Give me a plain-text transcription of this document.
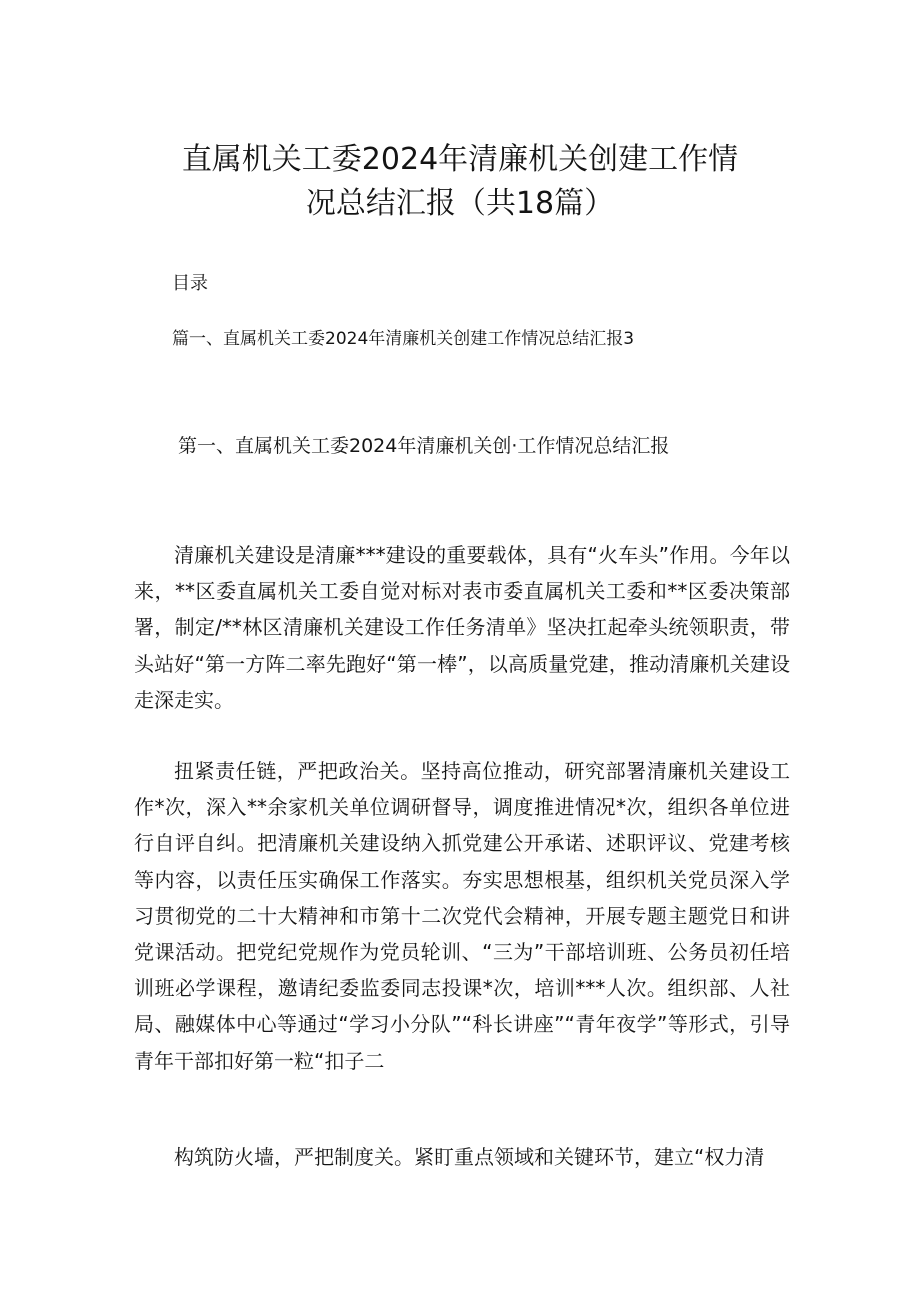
直属机关工委2024年清廉机关创建工作情
况总结汇报（共18篇）

目录

篇一、直属机关工委2024年清廉机关创建工作情况总结汇报3

第一、直属机关工委2024年清廉机关创·工作情况总结汇报

清廉机关建设是清廉***建设的重要载体，具有“火车头”作用。今年以来，**区委直属机关工委自觉对标对表市委直属机关工委和**区委决策部署，制定/**林区清廉机关建设工作任务清单》坚决扛起牵头统领职责，带头站好“第一方阵二率先跑好“第一棒”，以高质量党建，推动清廉机关建设走深走实。

扭紧责任链，严把政治关。坚持高位推动，研究部署清廉机关建设工作*次，深入**余家机关单位调研督导，调度推进情况*次，组织各单位进行自评自纠。把清廉机关建设纳入抓党建公开承诺、述职评议、党建考核等内容，以责任压实确保工作落实。夯实思想根基，组织机关党员深入学习贯彻党的二十大精神和市第十二次党代会精神，开展专题主题党日和讲党课活动。把党纪党规作为党员轮训、“三为”干部培训班、公务员初任培训班必学课程，邀请纪委监委同志投课*次，培训***人次。组织部、人社局、融媒体中心等通过“学习小分队”“科长讲座”“青年夜学”等形式，引导青年干部扣好第一粒“扣子二

构筑防火墙，严把制度关。紧盯重点领域和关键环节，建立“权力清
